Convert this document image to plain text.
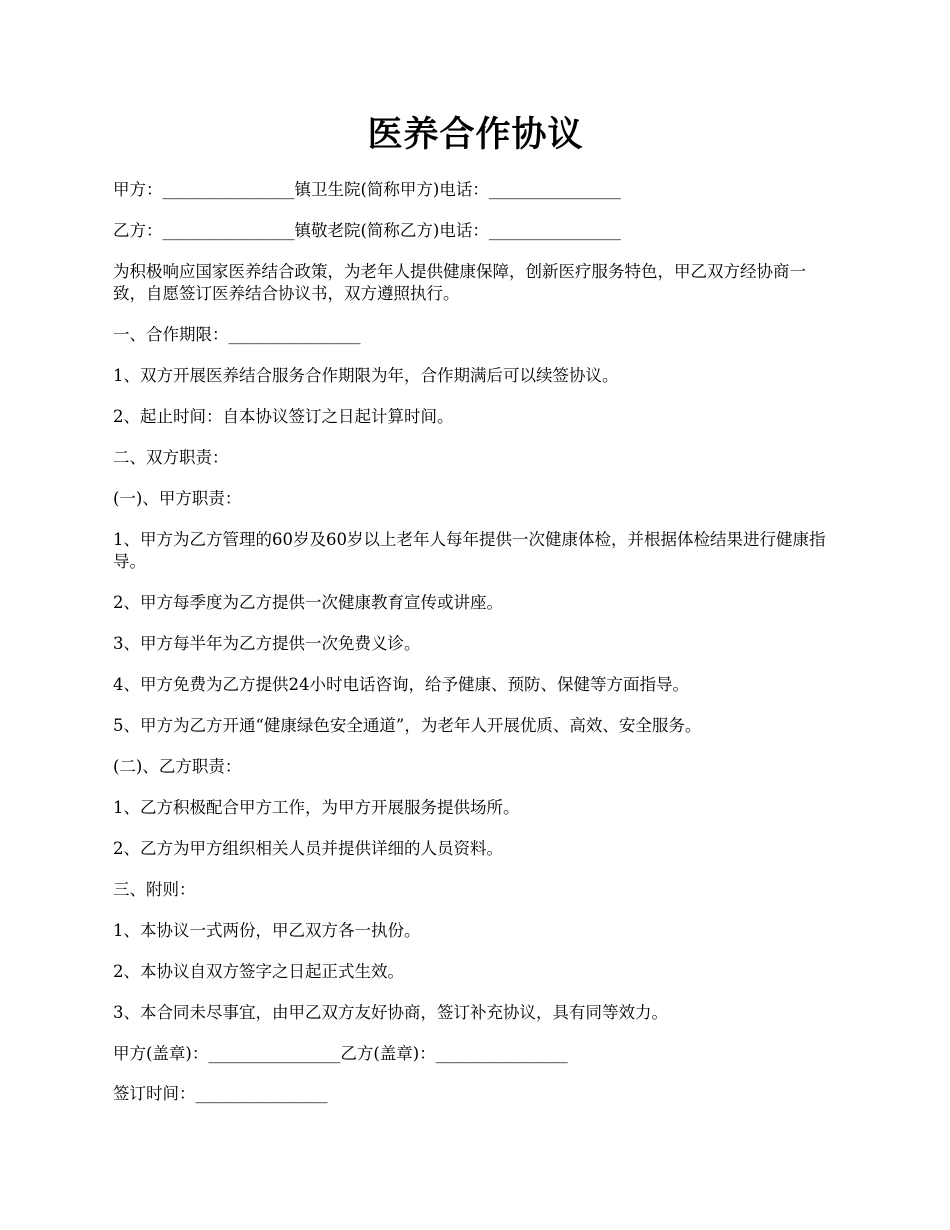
医养合作协议

甲方：________________镇卫生院(简称甲方)电话：________________

乙方：________________镇敬老院(简称乙方)电话：________________

为积极响应国家医养结合政策，为老年人提供健康保障，创新医疗服务特色，甲乙双方经协商一致，自愿签订医养结合协议书，双方遵照执行。

一、合作期限：________________

1、双方开展医养结合服务合作期限为年，合作期满后可以续签协议。

2、起止时间：自本协议签订之日起计算时间。

二、双方职责：

(一)、甲方职责：

1、甲方为乙方管理的60岁及60岁以上老年人每年提供一次健康体检，并根据体检结果进行健康指导。

2、甲方每季度为乙方提供一次健康教育宣传或讲座。

3、甲方每半年为乙方提供一次免费义诊。

4、甲方免费为乙方提供24小时电话咨询，给予健康、预防、保健等方面指导。

5、甲方为乙方开通“健康绿色安全通道”，为老年人开展优质、高效、安全服务。

(二)、乙方职责：

1、乙方积极配合甲方工作，为甲方开展服务提供场所。

2、乙方为甲方组织相关人员并提供详细的人员资料。

三、附则：

1、本协议一式两份，甲乙双方各一执份。

2、本协议自双方签字之日起正式生效。

3、本合同未尽事宜，由甲乙双方友好协商，签订补充协议，具有同等效力。

甲方(盖章)：________________乙方(盖章)：________________

签订时间：________________
